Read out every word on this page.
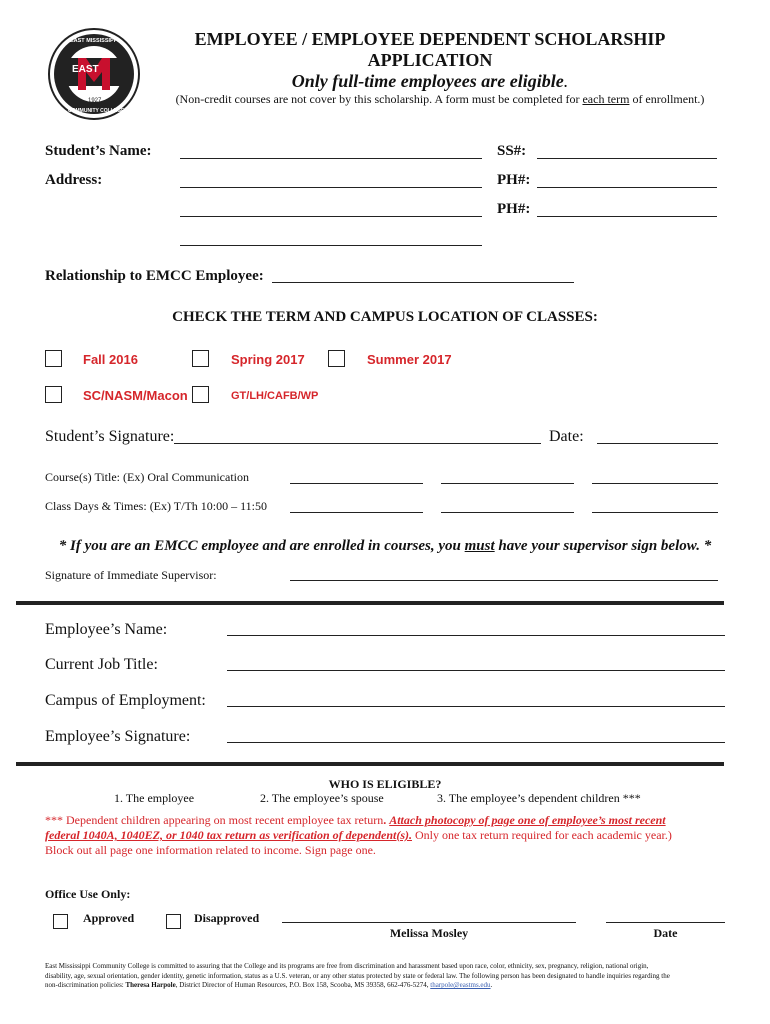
EAST
1927
EAST MISSISSIPPI
COMMUNITY COLLEGE
EMPLOYEE / EMPLOYEE DEPENDENT SCHOLARSHIP
APPLICATION
Only full-time employees are eligible.
(Non-credit courses are not cover by this scholarship. A form must be completed for each term of enrollment.)
Student’s Name:	SS#:
Address:	PH#:
PH#:
Relationship to EMCC Employee:
CHECK THE TERM AND CAMPUS LOCATION OF CLASSES:
Fall 2016	Spring 2017	Summer 2017
SC/NASM/Macon	GT/LH/CAFB/WP
Student’s Signature:	Date:
Course(s) Title: (Ex) Oral Communication
Class Days & Times: (Ex) T/Th 10:00 – 11:50
* If you are an EMCC employee and are enrolled in courses, you must have your supervisor sign below. *
Signature of Immediate Supervisor:
Employee’s Name:
Current Job Title:
Campus of Employment:
Employee’s Signature:
WHO IS ELIGIBLE?
1. The employee	2. The employee’s spouse	3. The employee’s dependent children ***
*** Dependent children appearing on most recent employee tax return. Attach photocopy of page one of employee’s most recent
federal 1040A, 1040EZ, or 1040 tax return as verification of dependent(s). Only one tax return required for each academic year.)
Block out all page one information related to income. Sign page one.
Office Use Only:
Approved	Disapproved
Melissa Mosley	Date
East Mississippi Community College is committed to assuring that the College and its programs are free from discrimination and harassment based upon race, color, ethnicity, sex, pregnancy, religion, national origin,
disability, age, sexual orientation, gender identity, genetic information, status as a U.S. veteran, or any other status protected by state or federal law. The following person has been designated to handle inquiries regarding the
non-discrimination policies: Theresa Harpole, District Director of Human Resources, P.O. Box 158, Scooba, MS 39358, 662-476-5274, tharpole@eastms.edu.
